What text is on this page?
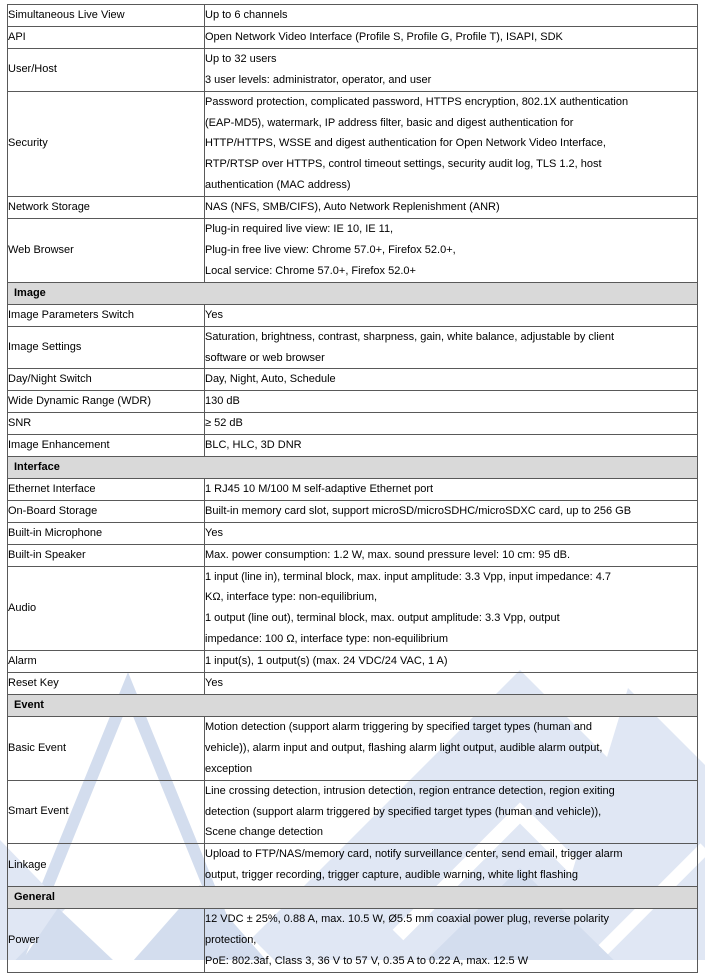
Simultaneous Live View	Up to 6 channels

API	Open Network Video Interface (Profile S, Profile G, Profile T), ISAPI, SDK

User/Host	Up to 32 users
3 user levels: administrator, operator, and user

Security	Password protection, complicated password, HTTPS encryption, 802.1X authentication
(EAP-MD5), watermark, IP address filter, basic and digest authentication for
HTTP/HTTPS, WSSE and digest authentication for Open Network Video Interface,
RTP/RTSP over HTTPS, control timeout settings, security audit log, TLS 1.2, host
authentication (MAC address)

Network Storage	NAS (NFS, SMB/CIFS), Auto Network Replenishment (ANR)

Web Browser	Plug-in required live view: IE 10, IE 11,
Plug-in free live view: Chrome 57.0+, Firefox 52.0+,
Local service: Chrome 57.0+, Firefox 52.0+

Image	
Image Parameters Switch	Yes

Image Settings	Saturation, brightness, contrast, sharpness, gain, white balance, adjustable by client
software or web browser

Day/Night Switch	Day, Night, Auto, Schedule

Wide Dynamic Range (WDR)	130 dB

SNR	≥ 52 dB

Image Enhancement	BLC, HLC, 3D DNR

Interface	
Ethernet Interface	1 RJ45 10 M/100 M self-adaptive Ethernet port

On-Board Storage	Built-in memory card slot, support microSD/microSDHC/microSDXC card, up to 256 GB

Built-in Microphone	Yes

Built-in Speaker	Max. power consumption: 1.2 W, max. sound pressure level: 10 cm: 95 dB.

Audio	1 input (line in), terminal block, max. input amplitude: 3.3 Vpp, input impedance: 4.7
KΩ, interface type: non-equilibrium,
1 output (line out), terminal block, max. output amplitude: 3.3 Vpp, output
impedance: 100 Ω, interface type: non-equilibrium

Alarm	1 input(s), 1 output(s) (max. 24 VDC/24 VAC, 1 A)

Reset Key	Yes

Event	
Basic Event	Motion detection (support alarm triggering by specified target types (human and
vehicle)), alarm input and output, flashing alarm light output, audible alarm output,
exception

Smart Event	Line crossing detection, intrusion detection, region entrance detection, region exiting
detection (support alarm triggered by specified target types (human and vehicle)),
Scene change detection

Linkage	Upload to FTP/NAS/memory card, notify surveillance center, send email, trigger alarm
output, trigger recording, trigger capture, audible warning, white light flashing

General	
Power	12 VDC ± 25%, 0.88 A, max. 10.5 W, Ø5.5 mm coaxial power plug, reverse polarity
protection,
PoE: 802.3af, Class 3, 36 V to 57 V, 0.35 A to 0.22 A, max. 12.5 W
